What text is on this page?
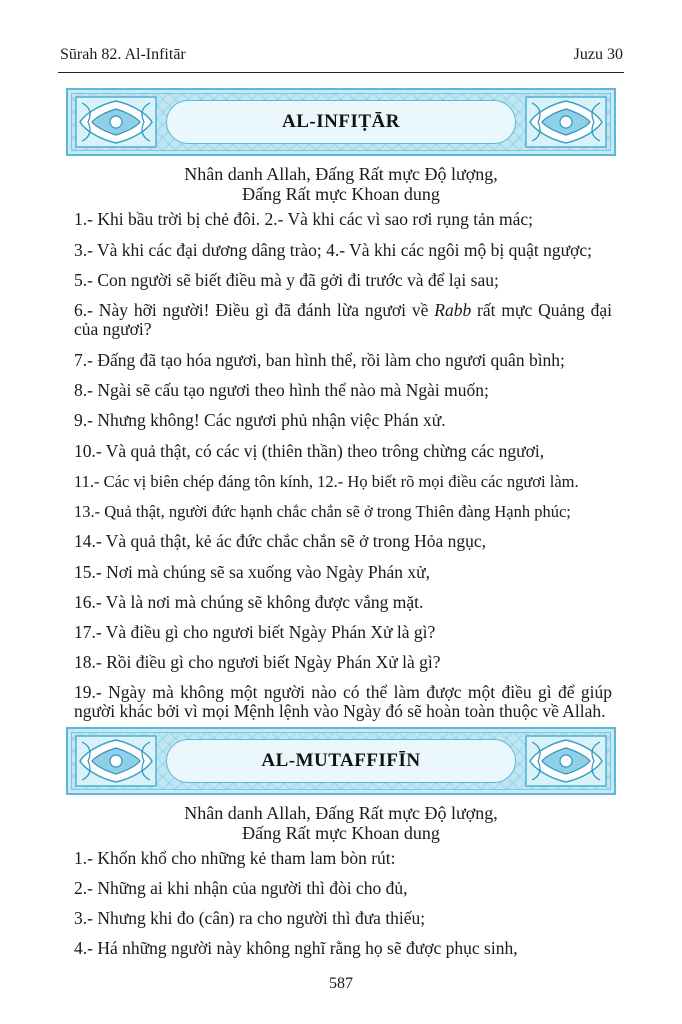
Sūrah 82. Al-Infitār	Juzu 30
AL-INFIṬĀR
Nhân danh Allah, Đấng Rất mực Độ lượng,
Đấng Rất mực Khoan dung
1.- Khi bầu trời bị chẻ đôi. 2.- Và khi các vì sao rơi rụng tản mác;
3.- Và khi các đại dương dâng trào; 4.- Và khi các ngôi mộ bị quật ngược;
5.- Con người sẽ biết điều mà y đã gởi đi trước và để lại sau;
6.- Này hỡi người! Điều gì đã đánh lừa ngươi về Rabb rất mực Quảng đại của ngươi?
7.- Đấng đã tạo hóa ngươi, ban hình thể, rồi làm cho ngươi quân bình;
8.- Ngài sẽ cấu tạo ngươi theo hình thể nào mà Ngài muốn;
9.- Nhưng không! Các ngươi phủ nhận việc Phán xử.
10.- Và quả thật, có các vị (thiên thần) theo trông chừng các ngươi,
11.- Các vị biên chép đáng tôn kính, 12.- Họ biết rõ mọi điều các ngươi làm.
13.- Quả thật, người đức hạnh chắc chắn sẽ ở trong Thiên đàng Hạnh phúc;
14.- Và quả thật, kẻ ác đức chắc chắn sẽ ở trong Hỏa ngục,
15.- Nơi mà chúng sẽ sa xuống vào Ngày Phán xử,
16.- Và là nơi mà chúng sẽ không được vắng mặt.
17.- Và điều gì cho ngươi biết Ngày Phán Xử là gì?
18.- Rồi điều gì cho ngươi biết Ngày Phán Xử là gì?
19.- Ngày mà không một người nào có thể làm được một điều gì để giúp người khác bởi vì mọi Mệnh lệnh vào Ngày đó sẽ hoàn toàn thuộc về Allah.
AL-MUTAFFIFĪN
Nhân danh Allah, Đấng Rất mực Độ lượng,
Đấng Rất mực Khoan dung
1.- Khốn khổ cho những kẻ tham lam bòn rút:
2.- Những ai khi nhận của người thì đòi cho đủ,
3.- Nhưng khi đo (cân) ra cho người thì đưa thiếu;
4.- Há những người này không nghĩ rằng họ sẽ được phục sinh,
587
